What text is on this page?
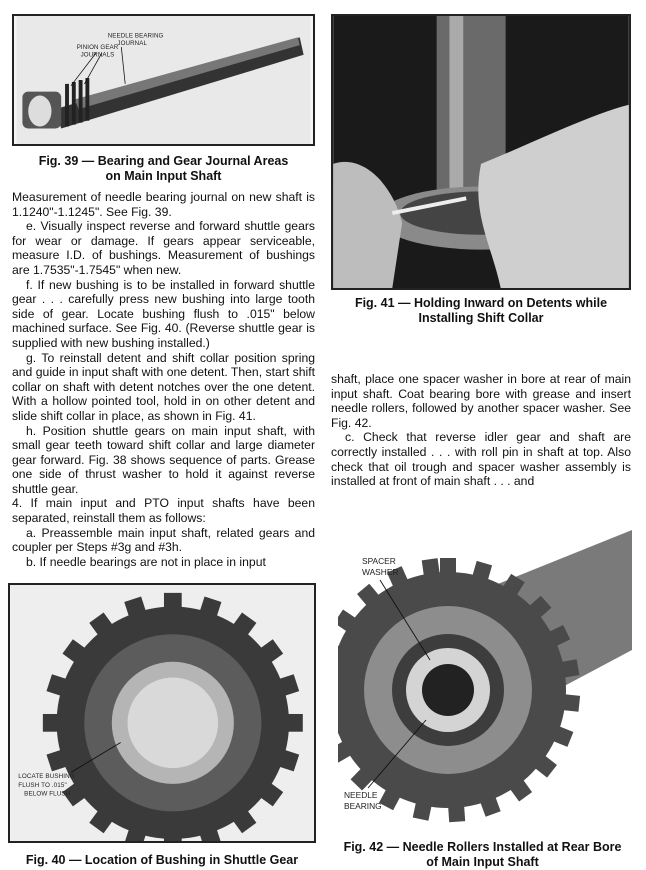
PINION GEAR
JOURNALS
NEEDLE BEARING
JOURNAL
Fig. 39 — Bearing and Gear Journal Areas
on Main Input Shaft
Fig. 41 — Holding Inward on Detents while
Installing Shift Collar

Measurement of needle bearing journal on new shaft is 1.1240"-1.1245". See Fig. 39.

e. Visually inspect reverse and forward shuttle gears for wear or damage. If gears appear serviceable, measure I.D. of bushings. Measurement of bushings are 1.7535"-1.7545" when new.

f. If new bushing is to be installed in forward shuttle gear . . . carefully press new bushing into large tooth side of gear. Locate bushing flush to .015" below machined surface. See Fig. 40. (Reverse shuttle gear is supplied with new bushing installed.)

g. To reinstall detent and shift collar position spring and guide in input shaft with one detent. Then, start shift collar on shaft with detent notches over the one detent. With a hollow pointed tool, hold in on other detent and slide shift collar in place, as shown in Fig. 41.

h. Position shuttle gears on main input shaft, with small gear teeth toward shift collar and large diameter gear forward. Fig. 38 shows sequence of parts. Grease one side of thrust washer to hold it against reverse shuttle gear.

4. If main input and PTO input shafts have been separated, reinstall them as follows:

a. Preassemble main input shaft, related gears and coupler per Steps #3g and #3h.

b. If needle bearings are not in place in input

shaft, place one spacer washer in bore at rear of main input shaft. Coat bearing bore with grease and insert needle rollers, followed by another spacer washer. See Fig. 42.

c. Check that reverse idler gear and shaft are correctly installed . . . with roll pin in shaft at top. Also check that oil trough and spacer washer assembly is installed at front of main shaft . . . and

LOCATE BUSHING
FLUSH TO .015"
BELOW FLUSH
Fig. 40 — Location of Bushing in Shuttle Gear
SPACER
WASHER
NEEDLE
BEARING
Fig. 42 — Needle Rollers Installed at Rear Bore
of Main Input Shaft
